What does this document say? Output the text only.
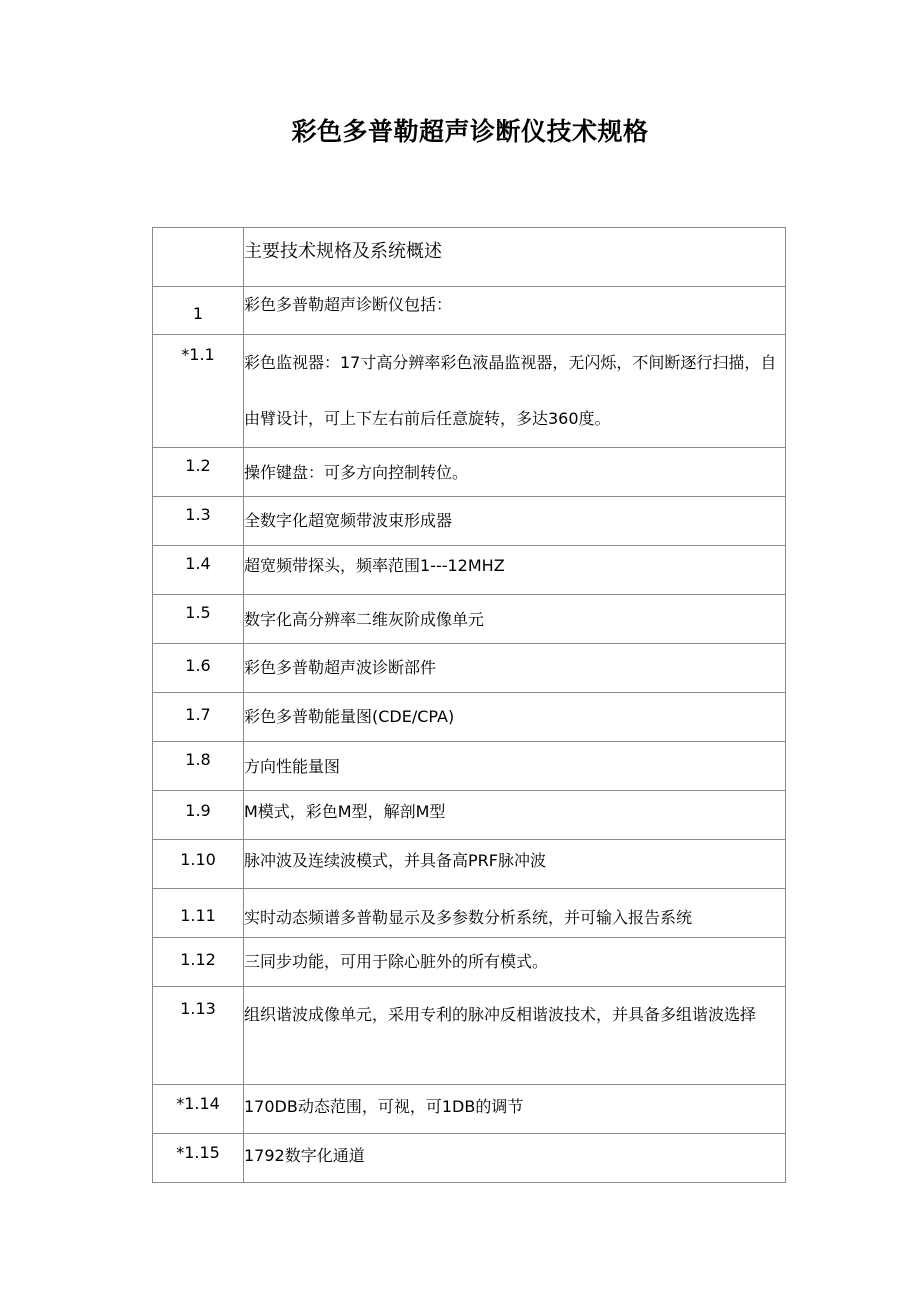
彩色多普勒超声诊断仪技术规格

	主要技术规格及系统概述

1	彩色多普勒超声诊断仪包括：

*1.1	彩色监视器：17寸高分辨率彩色液晶监视器，无闪烁，不间断逐行扫描，自由臂设计，可上下左右前后任意旋转，多达360度。

1.2	操作键盘：可多方向控制转位。

1.3	全数字化超宽频带波束形成器

1.4	超宽频带探头，频率范围1---12MHZ

1.5	数字化高分辨率二维灰阶成像单元

1.6	彩色多普勒超声波诊断部件

1.7	彩色多普勒能量图(CDE/CPA)

1.8	方向性能量图

1.9	M模式，彩色M型，解剖M型

1.10	脉冲波及连续波模式，并具备高PRF脉冲波

1.11	实时动态频谱多普勒显示及多参数分析系统，并可输入报告系统

1.12	三同步功能，可用于除心脏外的所有模式。

1.13	组织谐波成像单元，采用专利的脉冲反相谐波技术，并具备多组谐波选择

*1.14	170DB动态范围，可视，可1DB的调节

*1.15	1792数字化通道
